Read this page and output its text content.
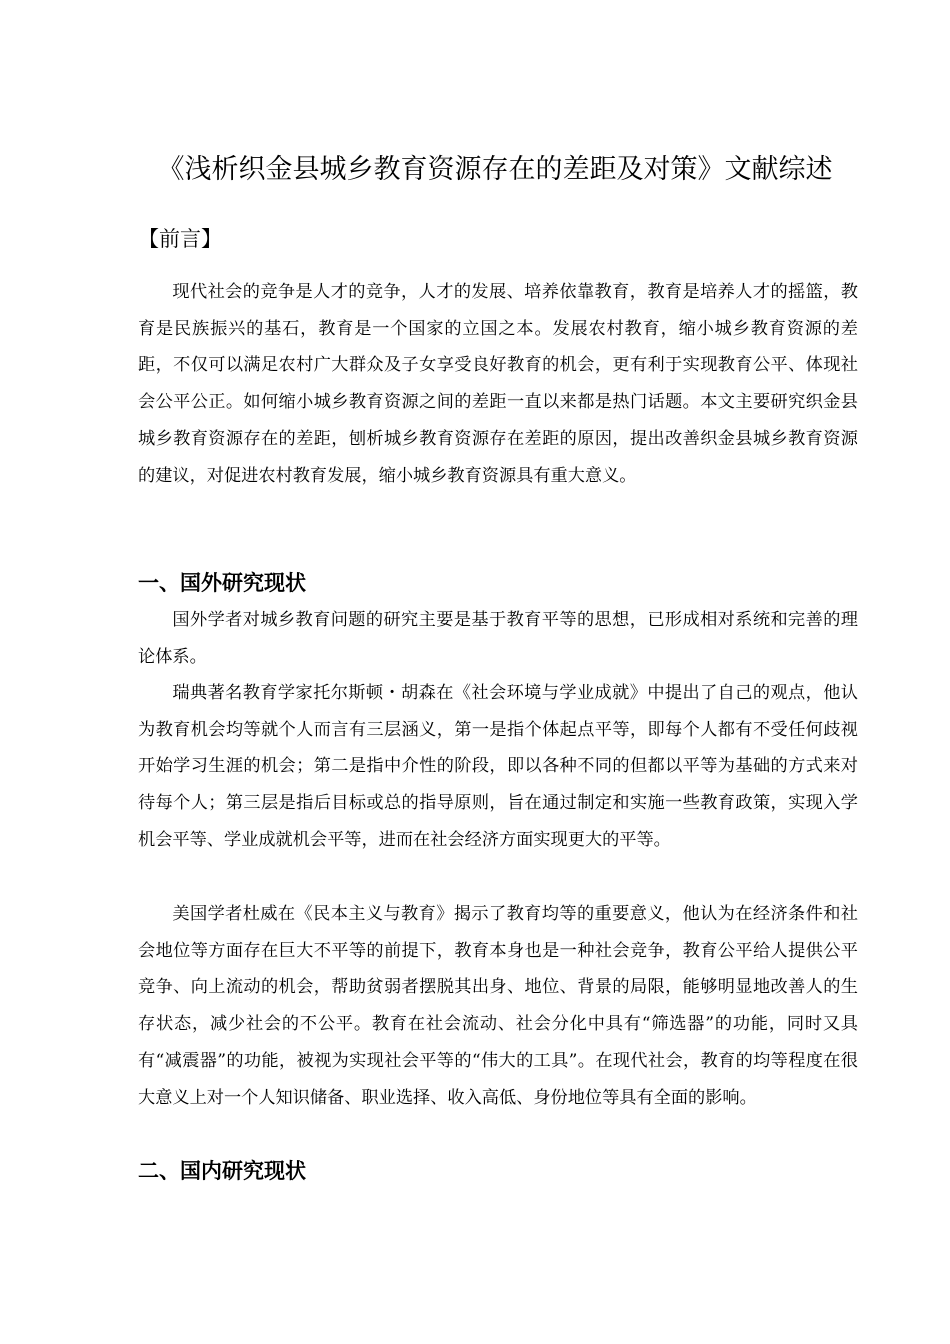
《浅析织金县城乡教育资源存在的差距及对策》文献综述
【前言】

现代社会的竞争是人才的竞争，人才的发展、培养依靠教育，教育是培养人才的摇篮，教育是民族振兴的基石，教育是一个国家的立国之本。发展农村教育，缩小城乡教育资源的差距，不仅可以满足农村广大群众及子女享受良好教育的机会，更有利于实现教育公平、体现社会公平公正。如何缩小城乡教育资源之间的差距一直以来都是热门话题。本文主要研究织金县城乡教育资源存在的差距，刨析城乡教育资源存在差距的原因，提出改善织金县城乡教育资源的建议，对促进农村教育发展，缩小城乡教育资源具有重大意义。

一、国外研究现状

国外学者对城乡教育问题的研究主要是基于教育平等的思想，已形成相对系统和完善的理论体系。

瑞典著名教育学家托尔斯顿・胡森在《社会环境与学业成就》中提出了自己的观点，他认为教育机会均等就个人而言有三层涵义，第一是指个体起点平等，即每个人都有不受任何歧视开始学习生涯的机会；第二是指中介性的阶段，即以各种不同的但都以平等为基础的方式来对待每个人；第三层是指后目标或总的指导原则，旨在通过制定和实施一些教育政策，实现入学机会平等、学业成就机会平等，进而在社会经济方面实现更大的平等。

美国学者杜威在《民本主义与教育》揭示了教育均等的重要意义，他认为在经济条件和社会地位等方面存在巨大不平等的前提下，教育本身也是一种社会竞争，教育公平给人提供公平竞争、向上流动的机会，帮助贫弱者摆脱其出身、地位、背景的局限，能够明显地改善人的生存状态，减少社会的不公平。教育在社会流动、社会分化中具有“筛选器”的功能，同时又具有“减震器”的功能，被视为实现社会平等的“伟大的工具”。在现代社会，教育的均等程度在很大意义上对一个人知识储备、职业选择、收入高低、身份地位等具有全面的影响。

二、国内研究现状
